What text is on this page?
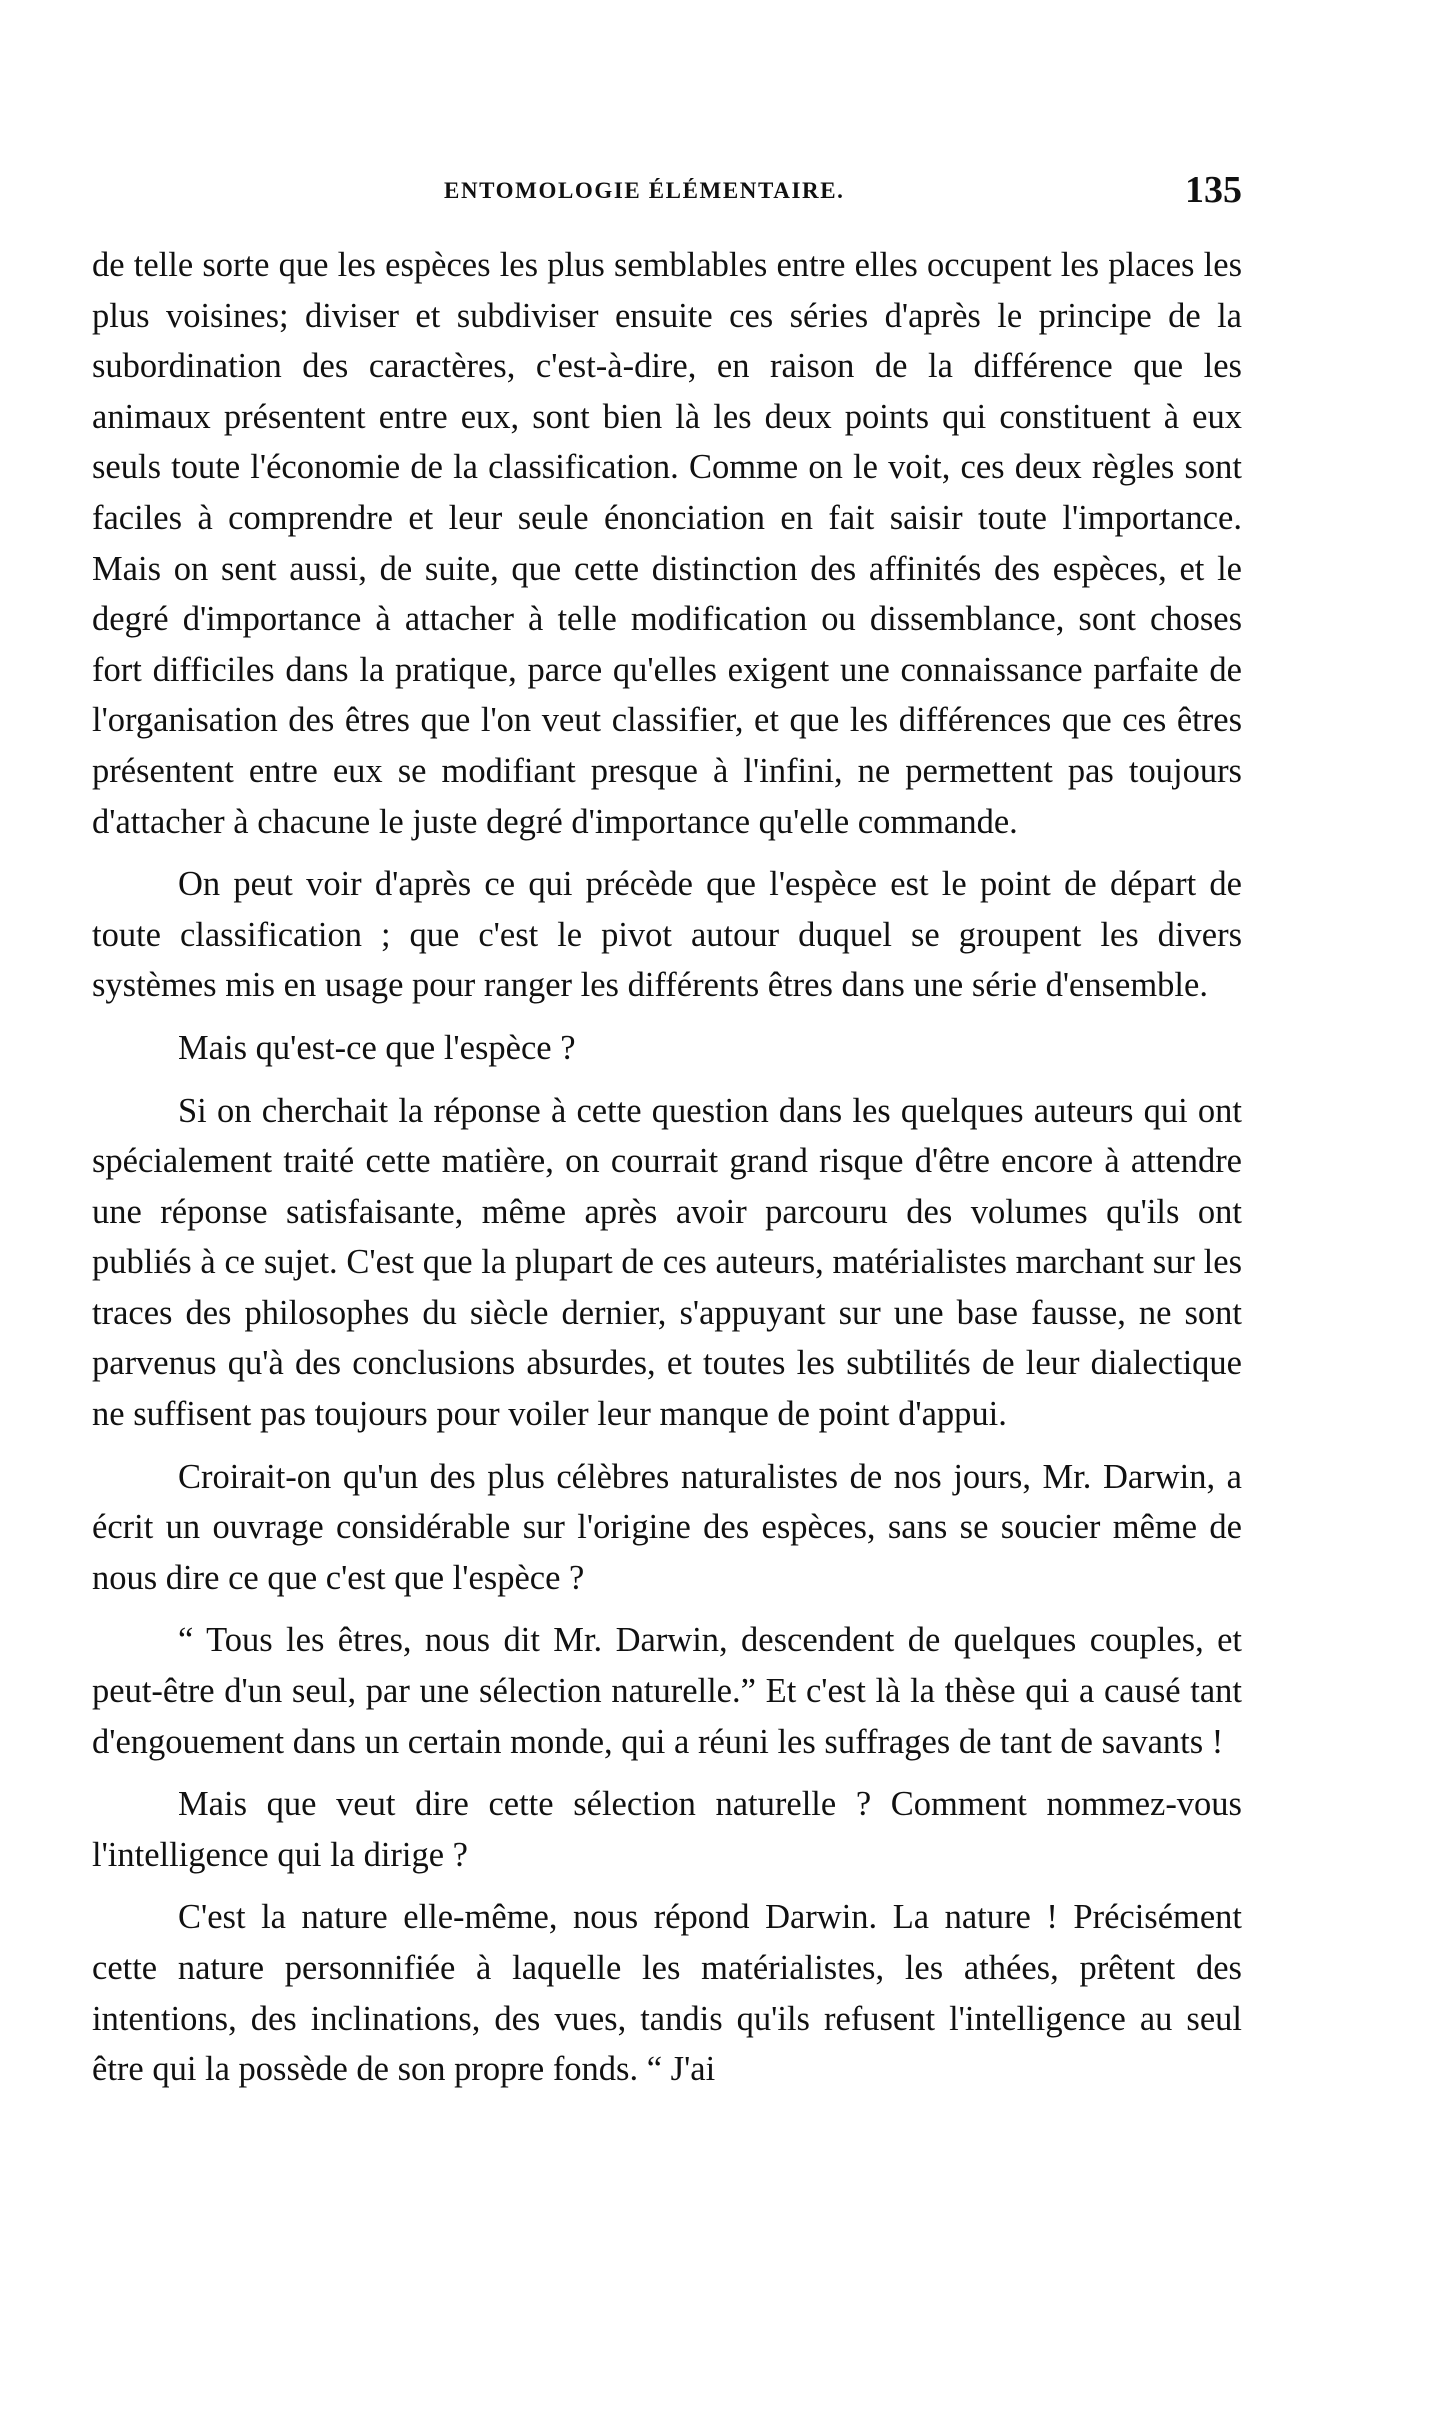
ENTOMOLOGIE ÉLÉMENTAIRE.	135

de telle sorte que les espèces les plus semblables entre elles occupent les places les plus voisines; diviser et subdiviser ensuite ces séries d'après le principe de la subordination des caractères, c'est-à-dire, en raison de la différence que les animaux présentent entre eux, sont bien là les deux points qui constituent à eux seuls toute l'économie de la classification. Comme on le voit, ces deux règles sont faciles à comprendre et leur seule énonciation en fait saisir toute l'importance. Mais on sent aussi, de suite, que cette distinction des affinités des espèces, et le degré d'importance à attacher à telle modification ou dissemblance, sont choses fort difficiles dans la pratique, parce qu'elles exigent une connaissance parfaite de l'organisation des êtres que l'on veut classifier, et que les différences que ces êtres présentent entre eux se modifiant presque à l'infini, ne permettent pas toujours d'attacher à chacune le juste degré d'importance qu'elle commande.

On peut voir d'après ce qui précède que l'espèce est le point de départ de toute classification ; que c'est le pivot autour duquel se groupent les divers systèmes mis en usage pour ranger les différents êtres dans une série d'ensemble.

Mais qu'est-ce que l'espèce ?

Si on cherchait la réponse à cette question dans les quelques auteurs qui ont spécialement traité cette matière, on courrait grand risque d'être encore à attendre une réponse satisfaisante, même après avoir parcouru des volumes qu'ils ont publiés à ce sujet. C'est que la plupart de ces auteurs, matérialistes marchant sur les traces des philosophes du siècle dernier, s'appuyant sur une base fausse, ne sont parvenus qu'à des conclusions absurdes, et toutes les subtilités de leur dialectique ne suffisent pas toujours pour voiler leur manque de point d'appui.

Croirait-on qu'un des plus célèbres naturalistes de nos jours, Mr. Darwin, a écrit un ouvrage considérable sur l'origine des espèces, sans se soucier même de nous dire ce que c'est que l'espèce ?

“ Tous les êtres, nous dit Mr. Darwin, descendent de quelques couples, et peut-être d'un seul, par une sélection naturelle.” Et c'est là la thèse qui a causé tant d'engouement dans un certain monde, qui a réuni les suffrages de tant de savants !

Mais que veut dire cette sélection naturelle ? Comment nommez-vous l'intelligence qui la dirige ?

C'est la nature elle-même, nous répond Darwin. La nature ! Précisément cette nature personnifiée à laquelle les matérialistes, les athées, prêtent des intentions, des inclinations, des vues, tandis qu'ils refusent l'intelligence au seul être qui la possède de son propre fonds. “ J'ai
